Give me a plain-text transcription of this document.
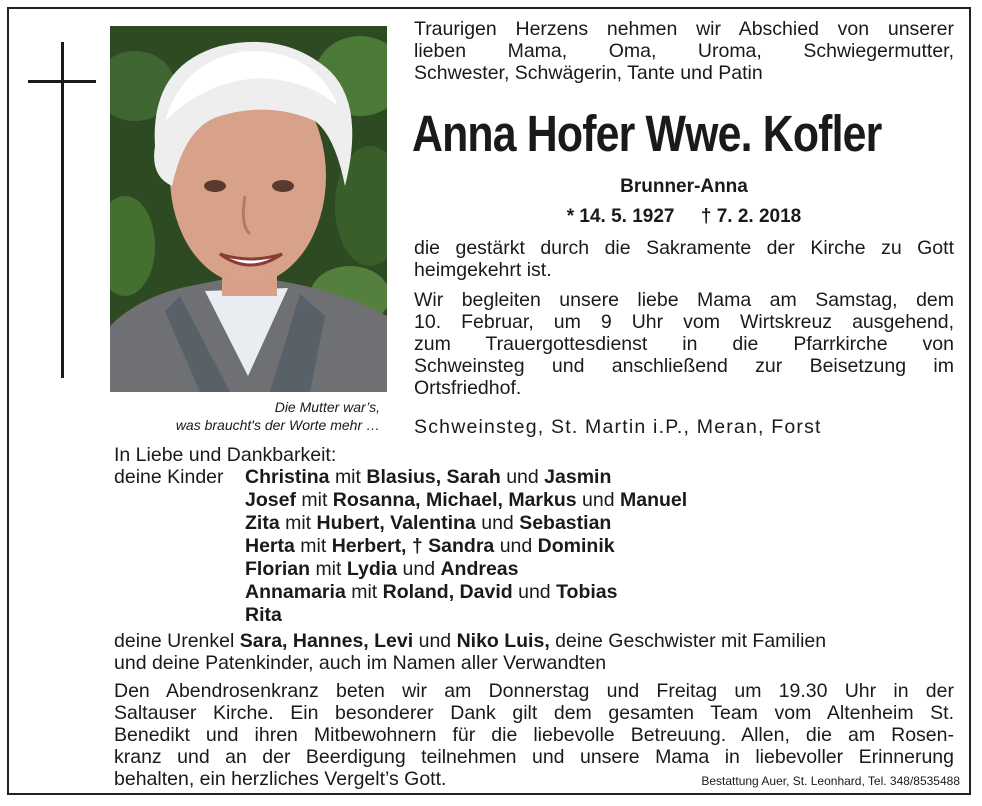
Die Mutter war’s,
was braucht's der Worte mehr …
Traurigen Herzens nehmen wir Abschied von unserer
lieben Mama, Oma, Uroma, Schwiegermutter,
Schwester, Schwägerin, Tante und Patin
Anna Hofer Wwe. Kofler
Brunner-Anna
* 14. 5. 1927     † 7. 2. 2018
die gestärkt durch die Sakramente der Kirche zu Gott
heimgekehrt ist.
Wir begleiten unsere liebe Mama am Samstag, dem
10. Februar, um 9 Uhr vom Wirtskreuz ausgehend,
zum Trauergottesdienst in die Pfarrkirche von
Schweinsteg und anschließend zur Beisetzung im
Ortsfriedhof.
Schweinsteg, St. Martin i.P., Meran, Forst
In Liebe und Dankbarkeit:
deine Kinder Christina mit Blasius, Sarah und Jasmin
Josef mit Rosanna, Michael, Markus und Manuel
Zita mit Hubert, Valentina und Sebastian
Herta mit Herbert, † Sandra und Dominik
Florian mit Lydia und Andreas
Annamaria mit Roland, David und Tobias
Rita
deine Urenkel Sara, Hannes, Levi und Niko Luis, deine Geschwister mit Familien
und deine Patenkinder, auch im Namen aller Verwandten
Den Abendrosenkranz beten wir am Donnerstag und Freitag um 19.30 Uhr in der
Saltauser Kirche. Ein besonderer Dank gilt dem gesamten Team vom Altenheim St.
Benedikt und ihren Mitbewohnern für die liebevolle Betreuung. Allen, die am Rosen-
kranz und an der Beerdigung teilnehmen und unsere Mama in liebevoller Erinnerung
behalten, ein herzliches Vergelt’s Gott.	Bestattung Auer, St. Leonhard, Tel. 348/8535488
